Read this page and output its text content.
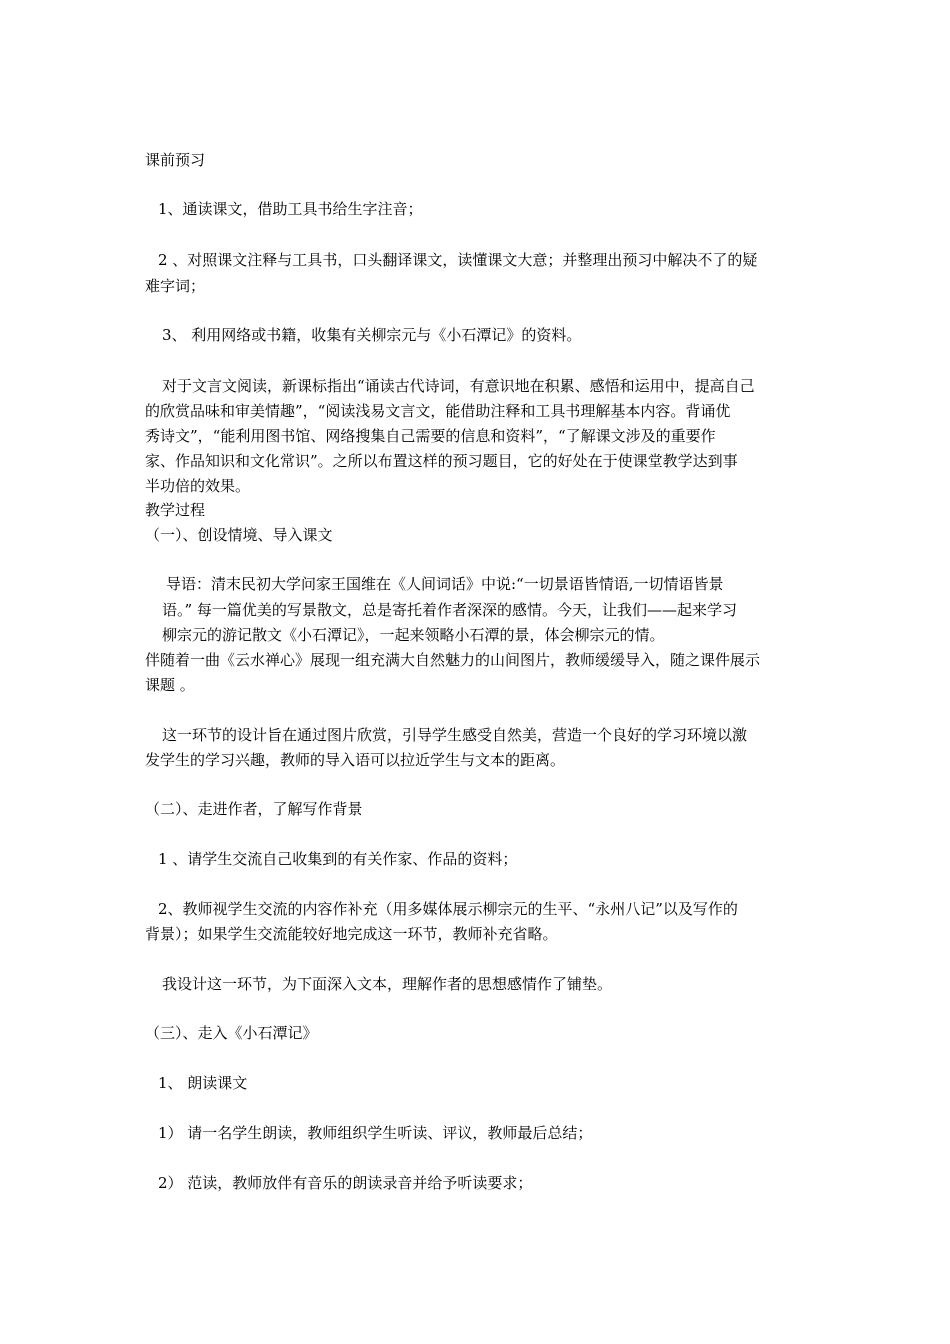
课前预习
1、通读课文，借助工具书给生字注音；
2 、对照课文注释与工具书，口头翻译课文，读懂课文大意；并整理出预习中解决不了的疑
难字词；
3、 利用网络或书籍，收集有关柳宗元与《小石潭记》的资料。
对于文言文阅读，新课标指出“诵读古代诗词，有意识地在积累、感悟和运用中，提高自己
的欣赏品味和审美情趣”，“阅读浅易文言文，能借助注释和工具书理解基本内容。背诵优
秀诗文”，“能利用图书馆、网络搜集自己需要的信息和资料”，“了解课文涉及的重要作
家、作品知识和文化常识”。之所以布置这样的预习题目，它的好处在于使课堂教学达到事
半功倍的效果。
教学过程
（一）、创设情境、导入课文
导语：清末民初大学问家王国维在《人间词话》中说:“一切景语皆情语,一切情语皆景
语。” 每一篇优美的写景散文，总是寄托着作者深深的感情。今天，让我们——起来学习
柳宗元的游记散文《小石潭记》，一起来领略小石潭的景，体会柳宗元的情。
伴随着一曲《云水禅心》展现一组充满大自然魅力的山间图片，教师缓缓导入，随之课件展示
课题 。
这一环节的设计旨在通过图片欣赏，引导学生感受自然美，营造一个良好的学习环境以激
发学生的学习兴趣，教师的导入语可以拉近学生与文本的距离。
（二）、走进作者，了解写作背景
1 、请学生交流自己收集到的有关作家、作品的资料；
2、教师视学生交流的内容作补充（用多媒体展示柳宗元的生平、“永州八记”以及写作的
背景）；如果学生交流能较好地完成这一环节，教师补充省略。
我设计这一环节，为下面深入文本，理解作者的思想感情作了铺垫。
（三）、走入《小石潭记》
1、 朗读课文
1） 请一名学生朗读，教师组织学生听读、评议，教师最后总结；
2） 范读，教师放伴有音乐的朗读录音并给予听读要求；
